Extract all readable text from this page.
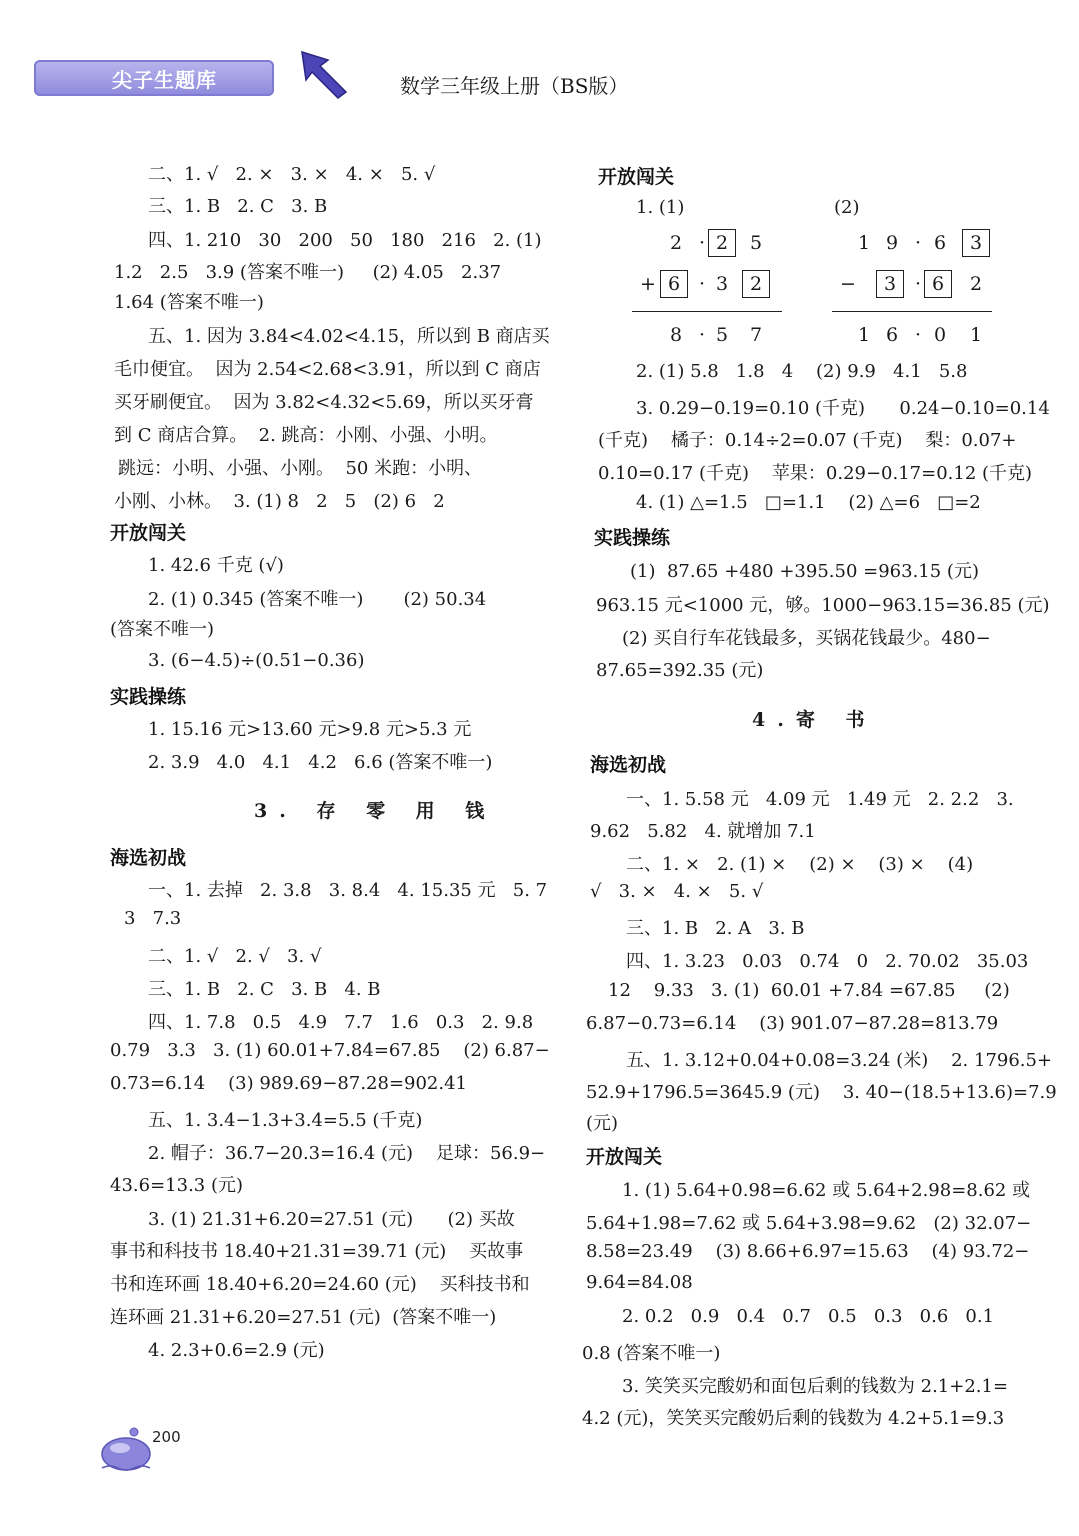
尖子生题库	数学三年级上册（BS版）
二、1. √   2. ×   3. ×   4. ×   5. √
三、1. B   2. C   3. B
四、1. 210   30   200   50   180   216   2. (1)
1.2   2.5   3.9 (答案不唯一)     (2) 4.05   2.37
1.64 (答案不唯一)
五、1. 因为 3.84<4.02<4.15，所以到 B 商店买
毛巾便宜。  因为 2.54<2.68<3.91，所以到 C 商店
买牙刷便宜。  因为 3.82<4.32<5.69，所以买牙膏
到 C 商店合算。  2. 跳高：小刚、小强、小明。
跳远：小明、小强、小刚。  50 米跑：小明、
小刚、小林。  3. (1) 8   2   5   (2) 6   2
开放闯关
1. 42.6 千克 (√)
2. (1) 0.345 (答案不唯一)       (2) 50.34
(答案不唯一)
3. (6−4.5)÷(0.51−0.36)
实践操练
1. 15.16 元>13.60 元>9.8 元>5.3 元
2. 3.9   4.0   4.1   4.2   6.6 (答案不唯一)
3. 存 零 用 钱
海选初战
一、1. 去掉   2. 3.8   3. 8.4   4. 15.35 元   5. 7
3   7.3
二、1. √   2. √   3. √
三、1. B   2. C   3. B   4. B
四、1. 7.8   0.5   4.9   7.7   1.6   0.3   2. 9.8
0.79   3.3   3. (1) 60.01+7.84=67.85    (2) 6.87−
0.73=6.14    (3) 989.69−87.28=902.41
五、1. 3.4−1.3+3.4=5.5 (千克)
2. 帽子：36.7−20.3=16.4 (元)    足球：56.9−
43.6=13.3 (元)
3. (1) 21.31+6.20=27.51 (元)      (2) 买故
事书和科技书 18.40+21.31=39.71 (元)    买故事
书和连环画 18.40+6.20=24.60 (元)    买科技书和
连环画 21.31+6.20=27.51 (元)  (答案不唯一)
4. 2.3+0.6=2.9 (元)
开放闯关
1. (1)	(2)
2 · 2	5
+ 6 · 3	2
8 · 5	7
1 9 · 6	3
−	3 · 6	2
1 6 · 0	1
2. (1) 5.8   1.8   4    (2) 9.9   4.1   5.8
3. 0.29−0.19=0.10 (千克)      0.24−0.10=0.14
(千克)    橘子：0.14÷2=0.07 (千克)    梨：0.07+
0.10=0.17 (千克)    苹果：0.29−0.17=0.12 (千克)
4. (1) △=1.5   □=1.1    (2) △=6   □=2
实践操练
(1)  87.65 +480 +395.50 =963.15 (元)
963.15 元<1000 元，够。1000−963.15=36.85 (元)
(2) 买自行车花钱最多，买锅花钱最少。480−
87.65=392.35 (元)
4.寄 书
海选初战
一、1. 5.58 元   4.09 元   1.49 元   2. 2.2   3.
9.62   5.82   4. 就增加 7.1
二、1. ×   2. (1) ×    (2) ×    (3) ×    (4)
√   3. ×   4. ×   5. √
三、1. B   2. A   3. B
四、1. 3.23   0.03   0.74   0   2. 70.02   35.03
12    9.33   3. (1)  60.01 +7.84 =67.85     (2)
6.87−0.73=6.14    (3) 901.07−87.28=813.79
五、1. 3.12+0.04+0.08=3.24 (米)    2. 1796.5+
52.9+1796.5=3645.9 (元)    3. 40−(18.5+13.6)=7.9
(元)
开放闯关
1. (1) 5.64+0.98=6.62 或 5.64+2.98=8.62 或
5.64+1.98=7.62 或 5.64+3.98=9.62   (2) 32.07−
8.58=23.49    (3) 8.66+6.97=15.63    (4) 93.72−
9.64=84.08
2. 0.2   0.9   0.4   0.7   0.5   0.3   0.6   0.1
0.8 (答案不唯一)
3. 笑笑买完酸奶和面包后剩的钱数为 2.1+2.1=
4.2 (元)，笑笑买完酸奶后剩的钱数为 4.2+5.1=9.3
200
